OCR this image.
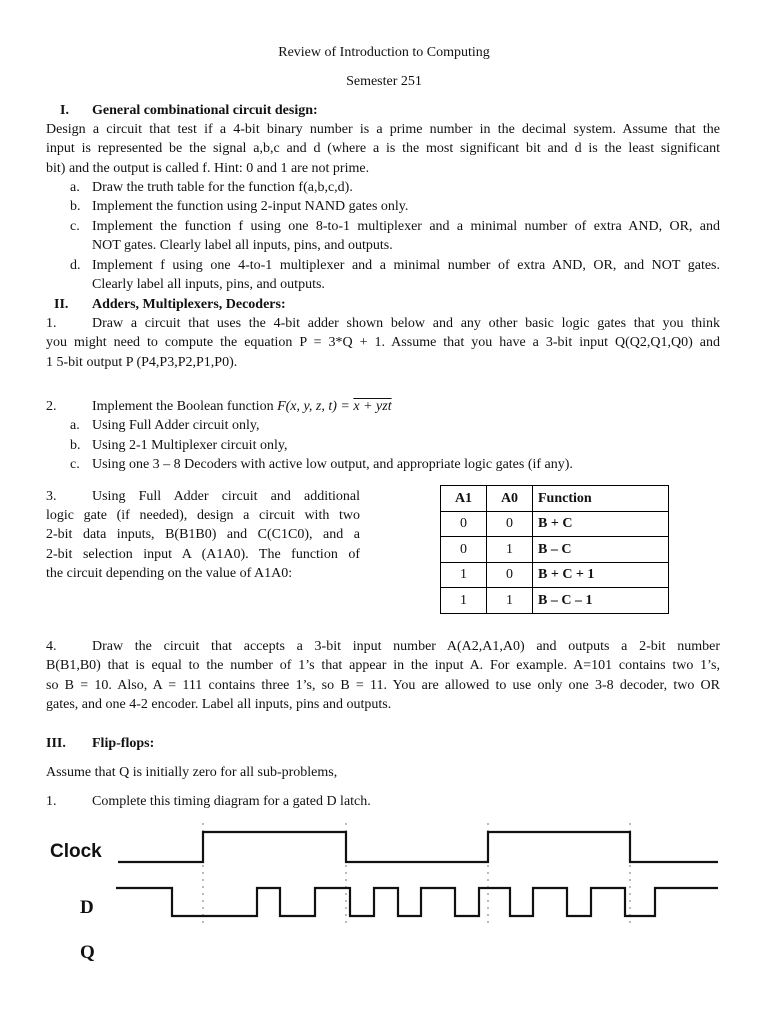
Review of Introduction to Computing
Semester 251
I. General combinational circuit design:
Design a circuit that test if a 4-bit binary number is a prime number in the decimal system. Assume that the
input is represented be the signal a,b,c and d (where a is the most significant bit and d is the least significant
bit) and the output is called f. Hint: 0 and 1 are not prime.
a. Draw the truth table for the function f(a,b,c,d).
b. Implement the function using 2-input NAND gates only.
c. Implement the function f using one 8-to-1 multiplexer and a minimal number of extra AND, OR, and
NOT gates. Clearly label all inputs, pins, and outputs.
d. Implement f using one 4-to-1 multiplexer and a minimal number of extra AND, OR, and NOT gates.
Clearly label all inputs, pins, and outputs.
II. Adders, Multiplexers, Decoders:
1.	Draw a circuit that uses the 4-bit adder shown below and any other basic logic gates that you think
you might need to compute the equation P = 3*Q + 1. Assume that you have a 3-bit input Q(Q2,Q1,Q0) and
1 5-bit output P (P4,P3,P2,P1,P0).
2.	Implement the Boolean function F(x, y, z, t) = x + yzt
a. Using Full Adder circuit only,
b. Using 2-1 Multiplexer circuit only,
c. Using one 3 – 8 Decoders with active low output, and appropriate logic gates (if any).
3.	Using Full Adder circuit and additional
logic gate (if needed), design a circuit with two
2-bit data inputs, B(B1B0) and C(C1C0), and a
2-bit selection input A (A1A0). The function of
the circuit depending on the value of A1A0:
A1	A0	Function
0	0	B + C
0	1	B – C
1	0	B + C + 1
1	1	B – C – 1
4.	Draw the circuit that accepts a 3-bit input number A(A2,A1,A0) and outputs a 2-bit number
B(B1,B0) that is equal to the number of 1’s that appear in the input A. For example. A=101 contains two 1’s,
so B = 10. Also, A = 111 contains three 1’s, so B = 11. You are allowed to use only one 3-8 decoder, two OR
gates, and one 4-2 encoder. Label all inputs, pins and outputs.
III. Flip-flops:
Assume that Q is initially zero for all sub-problems,
1.	Complete this timing diagram for a gated D latch.
Clock
D
Q
